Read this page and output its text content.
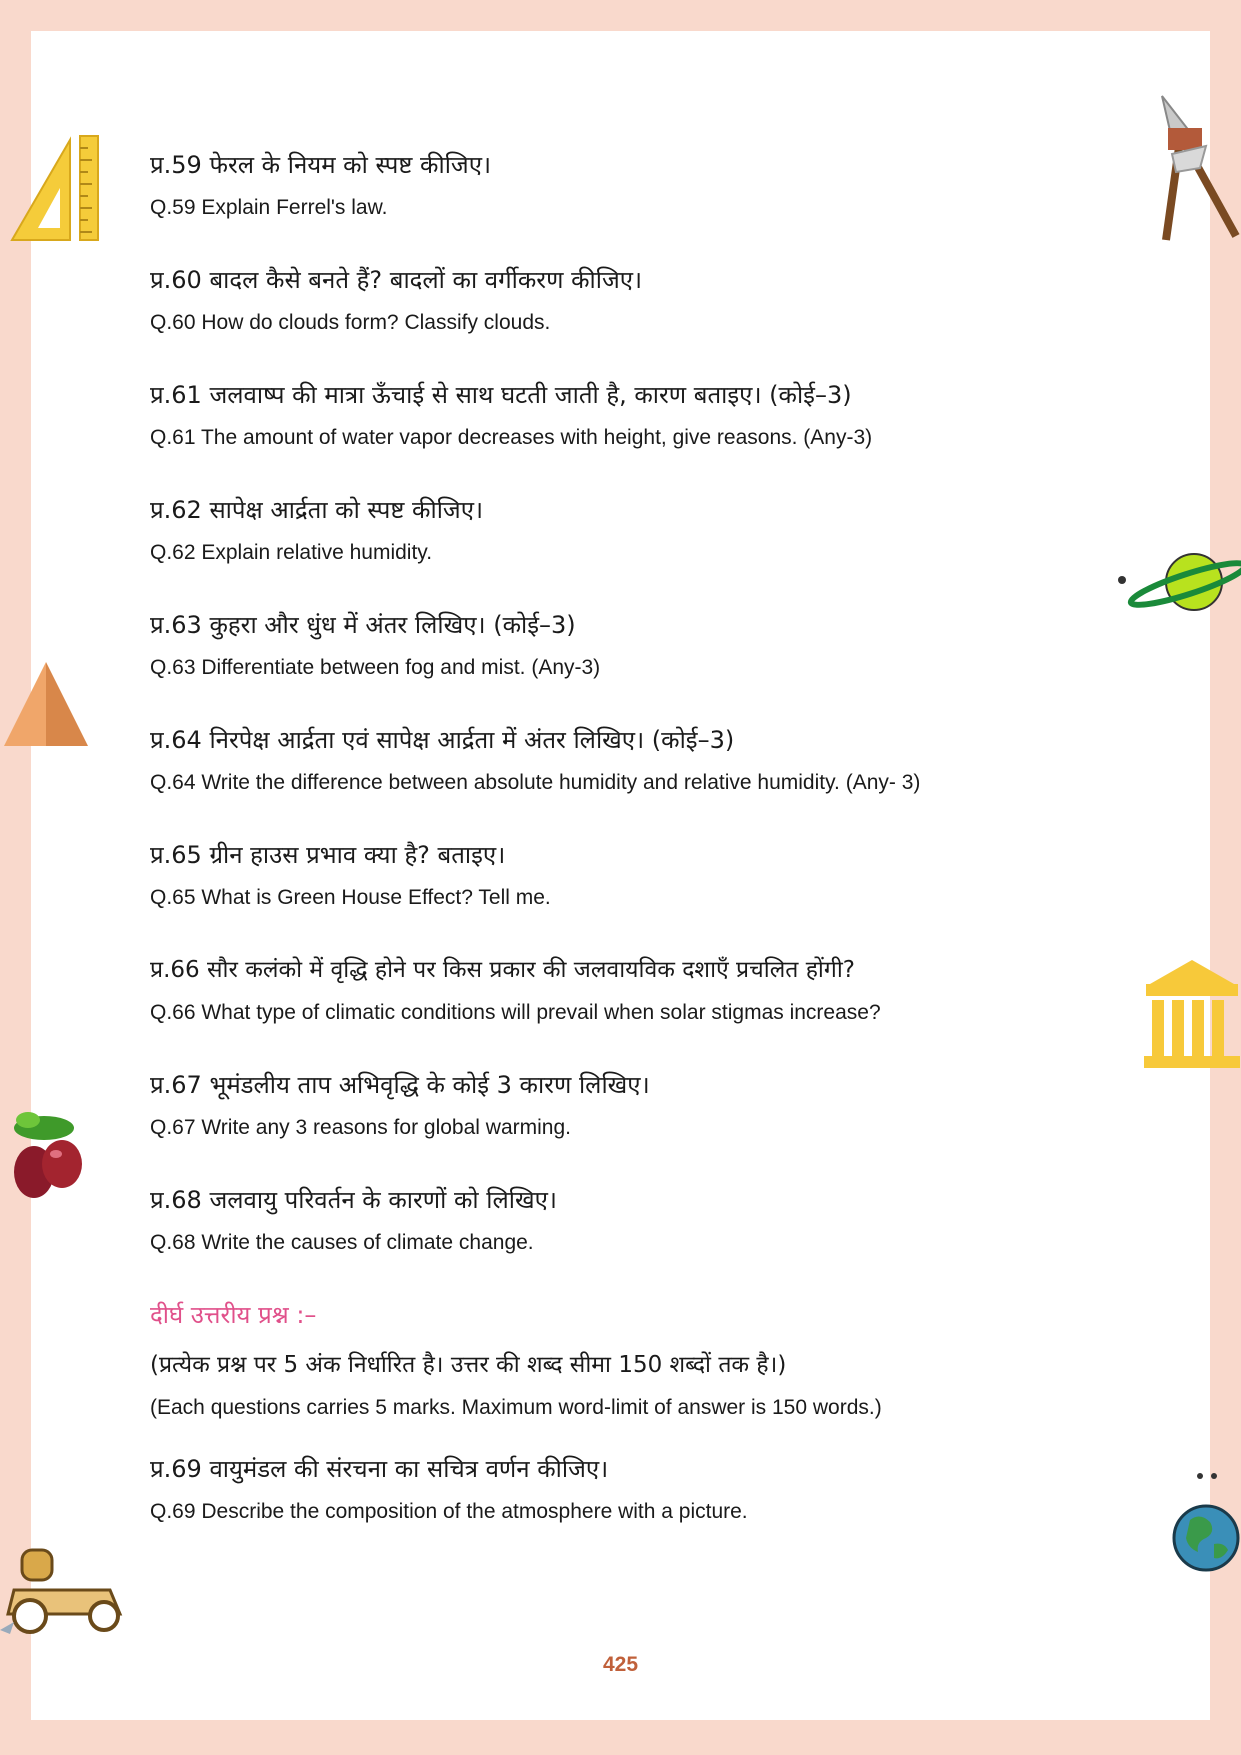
प्र.59 फेरल के नियम को स्पष्ट कीजिए।

Q.59 Explain Ferrel's law.

प्र.60 बादल कैसे बनते हैं? बादलों का वर्गीकरण कीजिए।

Q.60 How do clouds form? Classify clouds.

प्र.61 जलवाष्प की मात्रा ऊँचाई से साथ घटती जाती है, कारण बताइए। (कोई–3)

Q.61 The amount of water vapor decreases with height, give reasons. (Any-3)

प्र.62 सापेक्ष आर्द्रता को स्पष्ट कीजिए।

Q.62 Explain relative humidity.

प्र.63 कुहरा और धुंध में अंतर लिखिए। (कोई–3)

Q.63 Differentiate between fog and mist. (Any-3)

प्र.64 निरपेक्ष आर्द्रता एवं सापेक्ष आर्द्रता में अंतर लिखिए। (कोई–3)

Q.64 Write the difference between absolute humidity and relative humidity. (Any- 3)

प्र.65 ग्रीन हाउस प्रभाव क्या है? बताइए।

Q.65 What is Green House Effect? Tell me.

प्र.66 सौर कलंको में वृद्धि होने पर किस प्रकार की जलवायविक दशाएँ प्रचलित होंगी?

Q.66 What type of climatic conditions will prevail when solar stigmas increase?

प्र.67 भूमंडलीय ताप अभिवृद्धि के कोई 3 कारण लिखिए।

Q.67 Write any 3 reasons for global warming.

प्र.68 जलवायु परिवर्तन के कारणों को लिखिए।

Q.68 Write the causes of climate change.

दीर्घ उत्तरीय प्रश्न :–

(प्रत्येक प्रश्न पर 5 अंक निर्धारित है। उत्तर की शब्द सीमा 150 शब्दों तक है।)

(Each questions carries 5 marks. Maximum word-limit of answer is 150 words.)

प्र.69 वायुमंडल की संरचना का सचित्र वर्णन कीजिए।

Q.69 Describe the composition of the atmosphere with a picture.

425
